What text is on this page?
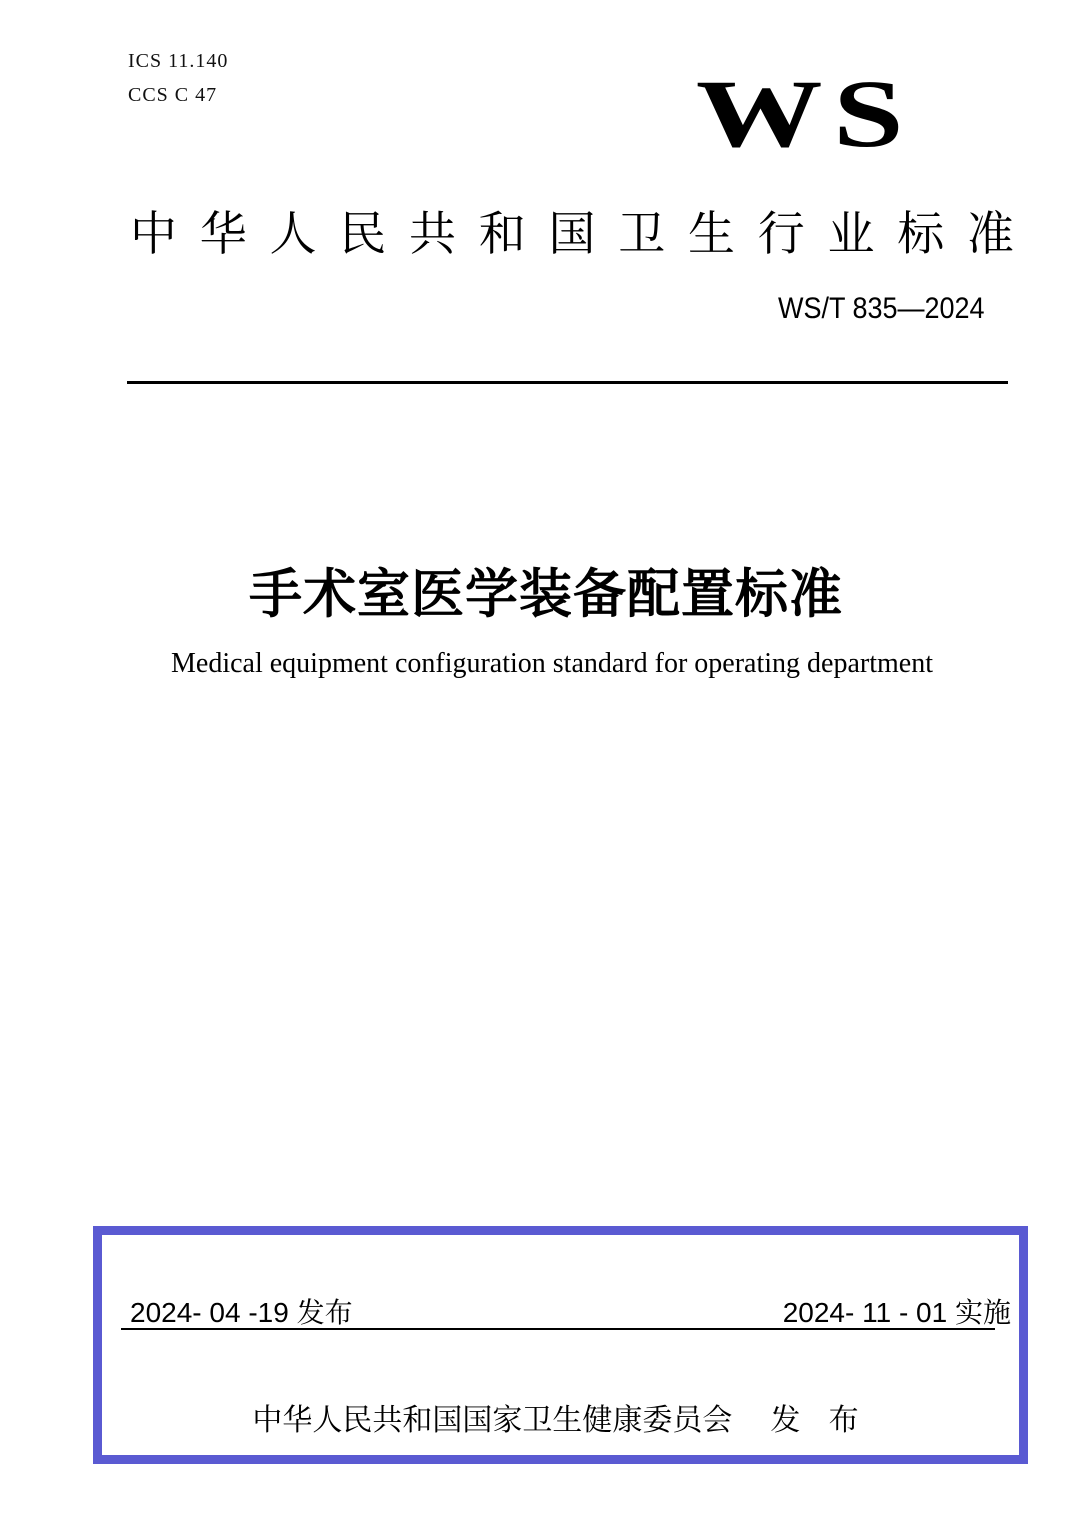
ICS 11.140
CCS C 47	WS
中华人民共和国卫生行业标准
WS/T 835—2024
手术室医学装备配置标准
Medical equipment configuration standard for operating department
2024- 04 -19 发布	2024- 11 - 01 实施
中华人民共和国国家卫生健康委员会 发 布
